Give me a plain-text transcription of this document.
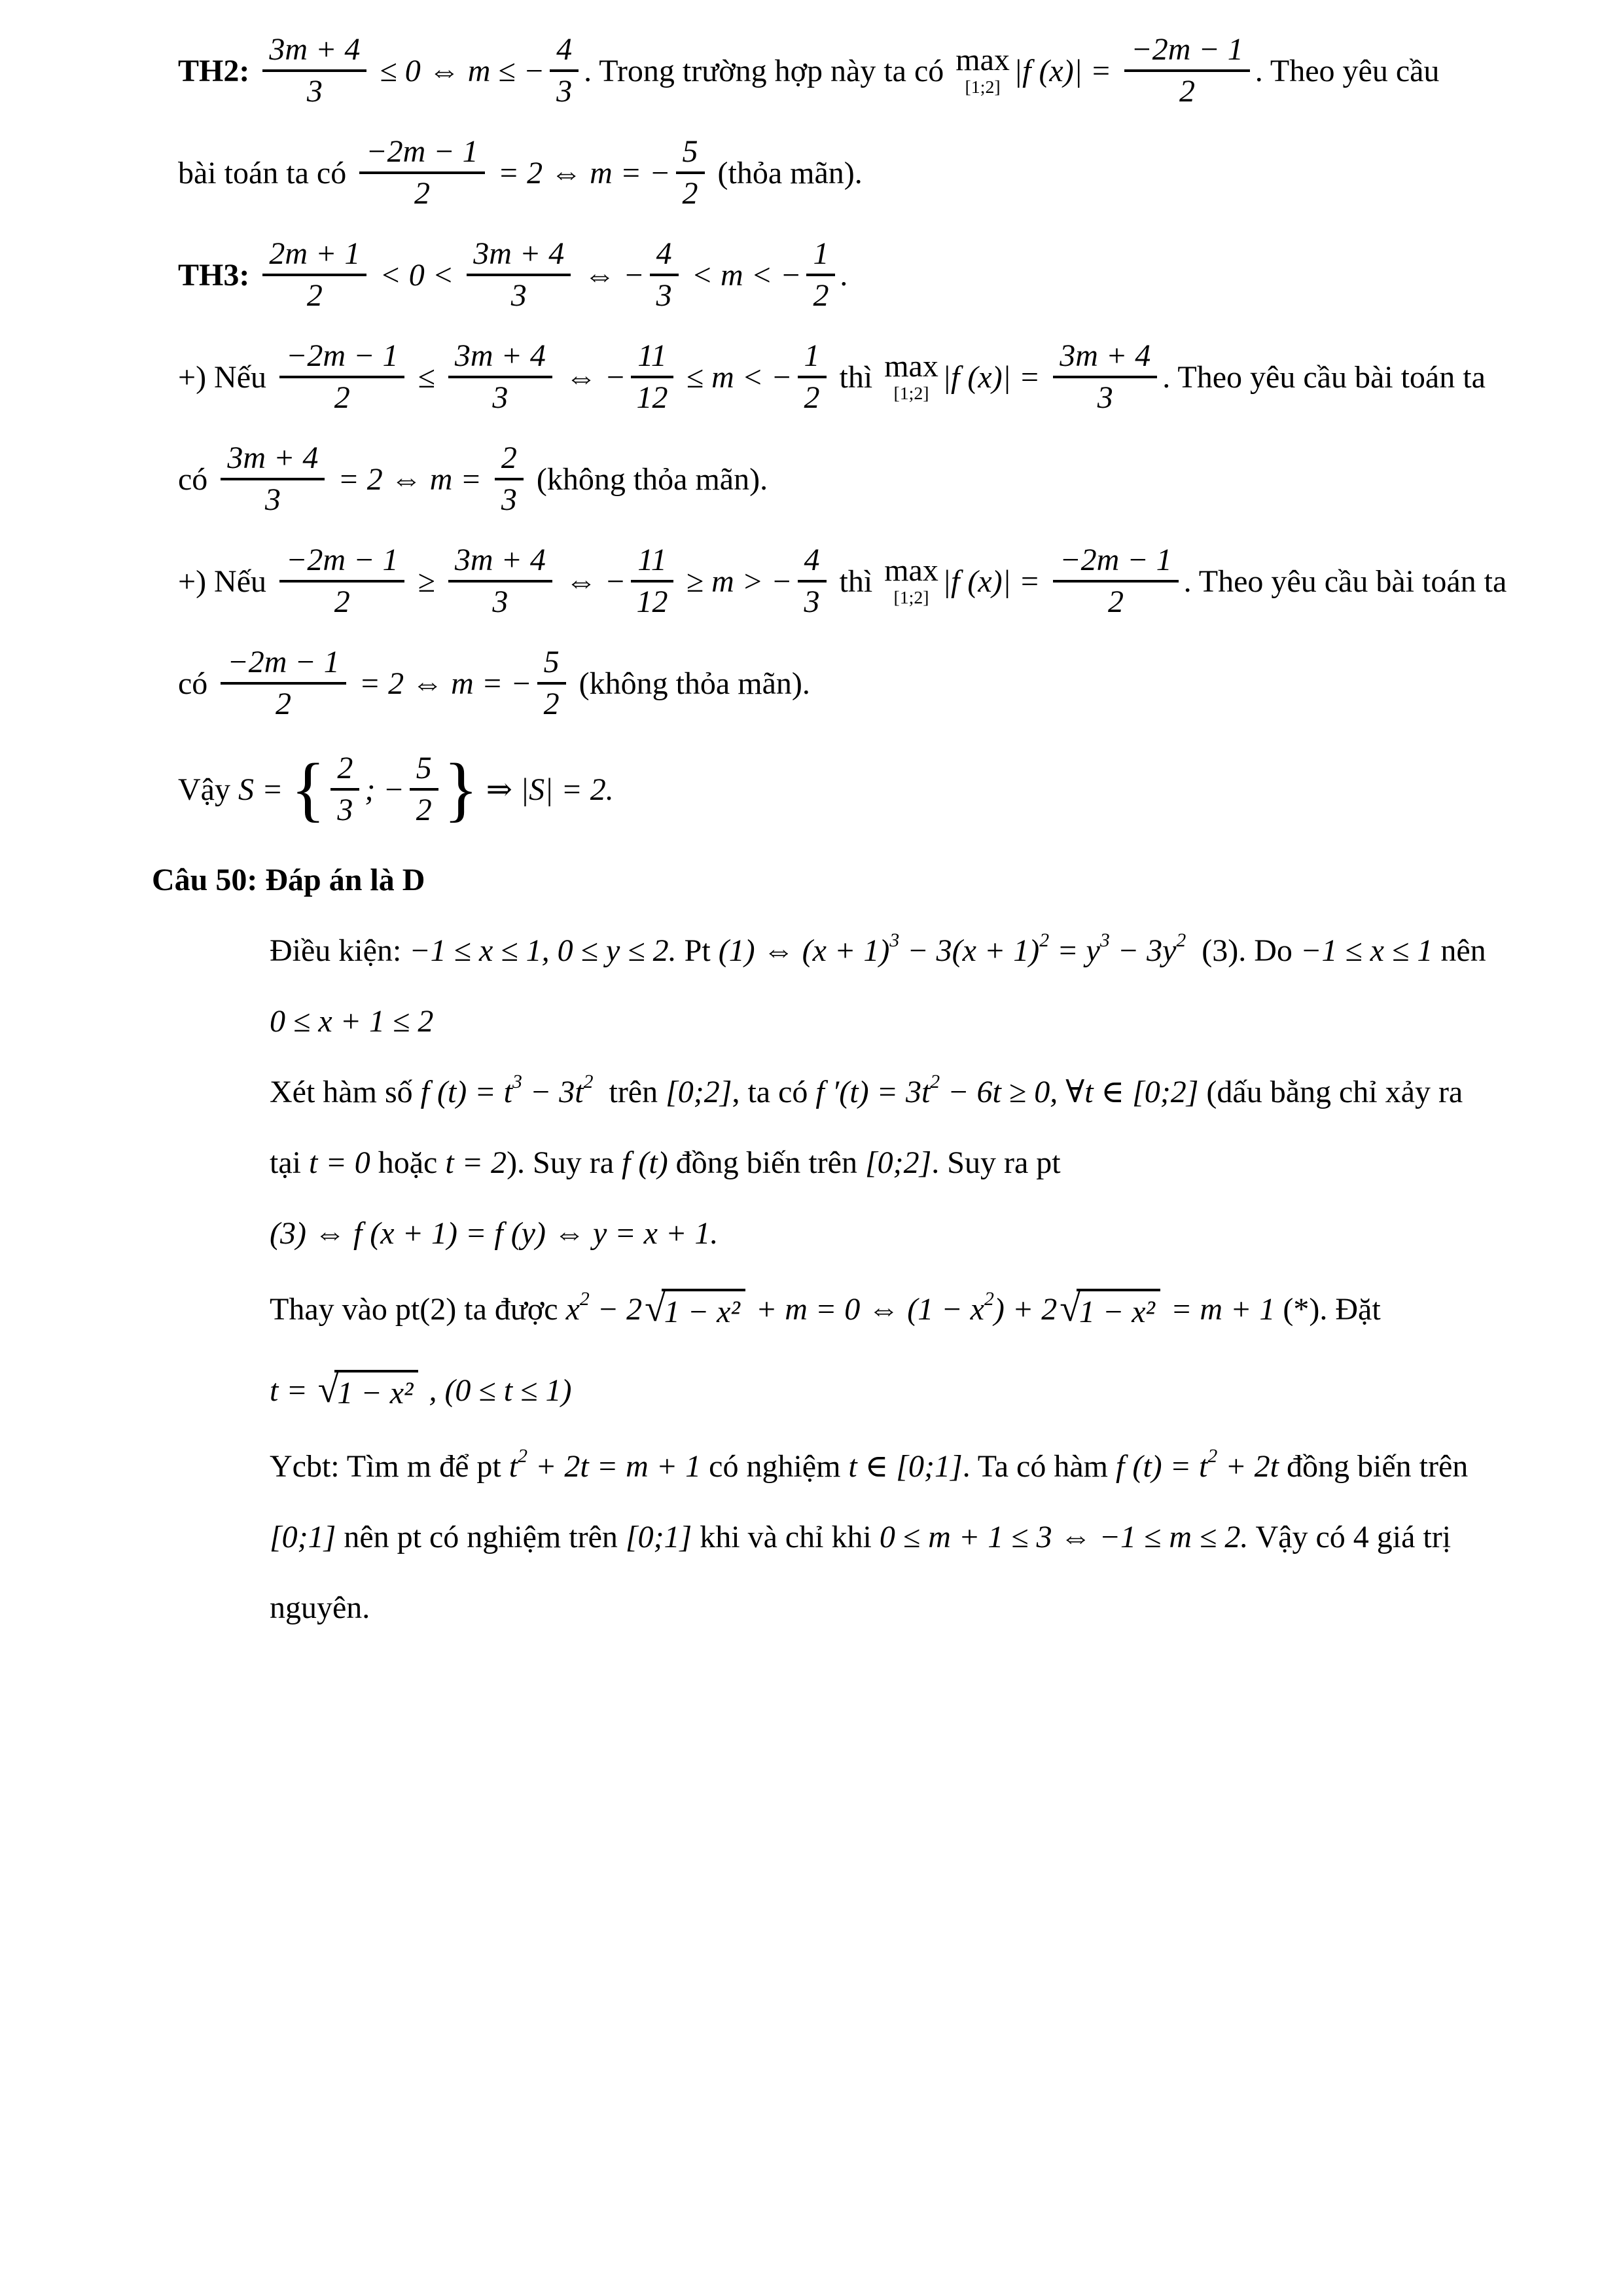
TH2: $\frac{3m + 4}{3} \le 0$ ⇔ m ≤ − $\frac{4}{3}$ . Trong trường hợp này ta có max
[1;2] |f $(x)| = \frac{-2m - 1}{2}$ . Theo yêu cầu
bài toán ta có $\frac{-2m - 1}{2} = 2$ ⇔ m = − $\frac{5}{2}$ (thỏa mãn).
TH3: $\frac{2m + 1}{2} < 0 < \frac{3m + 4}{3}$ ⇔ − $\frac{4}{3} < m$ < − $\frac{1}{2}$ .
+) Nếu $\frac{-2m - 1}{2} \le \frac{3m + 4}{3}$ ⇔ − $\frac{11}{12} \le m$ < − $\frac{1}{2}$ thì max
[1;2] |f $(x)| = \frac{3m + 4}{3}$ . Theo yêu cầu bài toán ta
có $\frac{3m + 4}{3} = 2$ ⇔ $m = \frac{2}{3}$ (không thỏa mãn).
+) Nếu $\frac{-2m - 1}{2} \ge \frac{3m + 4}{3}$ ⇔ − $\frac{11}{12} \ge m$ > − $\frac{4}{3}$ thì max
[1;2] |f $(x)| = \frac{-2m - 1}{2}$ . Theo yêu cầu bài toán ta
có $\frac{-2m - 1}{2} = 2$ ⇔ m = − $\frac{5}{2}$ (không thỏa mãn).
Vậy S = { $\frac{2}{3}$ ; − $\frac{5}{2}$ } ⇒ |S| = 2.
Câu 50: Đáp án là D
Điều kiện: −1 ≤ x ≤ 1, 0 ≤ y ≤ 2. Pt (1) ⇔ $(x + 1)^3 - 3(x + 1)^2 = y^3 - 3y^2$ (3). Do −1 ≤ x ≤ 1 nên
0 ≤ x + 1 ≤ 2
Xét hàm số f $(t) = t^3 - 3t^2$ trên [0;2] , ta có f $'(t) = 3t^2 - 6t \ge 0$, ∀t ∈ [0;2] (dấu bằng chỉ xảy ra
tại t = 0 hoặc t = 2 ). Suy ra f (t) đồng biến trên [0;2] . Suy ra pt
(3) ⇔ f (x + 1) = f (y) ⇔ y = x + 1.
Thay vào pt(2) ta được $x^2 - 2$ √
1 − x² + m = 0 ⇔ ($1 - x^2$ ) + 2 √
1 − x² = m + 1 (*). Đặt
t = √
1 − x² , (0 ≤ t ≤ 1)
Ycbt: Tìm m để pt $t^2 + 2t = m + 1$ có nghiệm t ∈ [0;1] . Ta có hàm f $(t) = t^2 + 2t$ đồng biến trên
[0;1] nên pt có nghiệm trên [0;1] khi và chỉ khi 0 ≤ m + 1 ≤ 3 ⇔ −1 ≤ m ≤ 2. Vậy có 4 giá trị
nguyên.
